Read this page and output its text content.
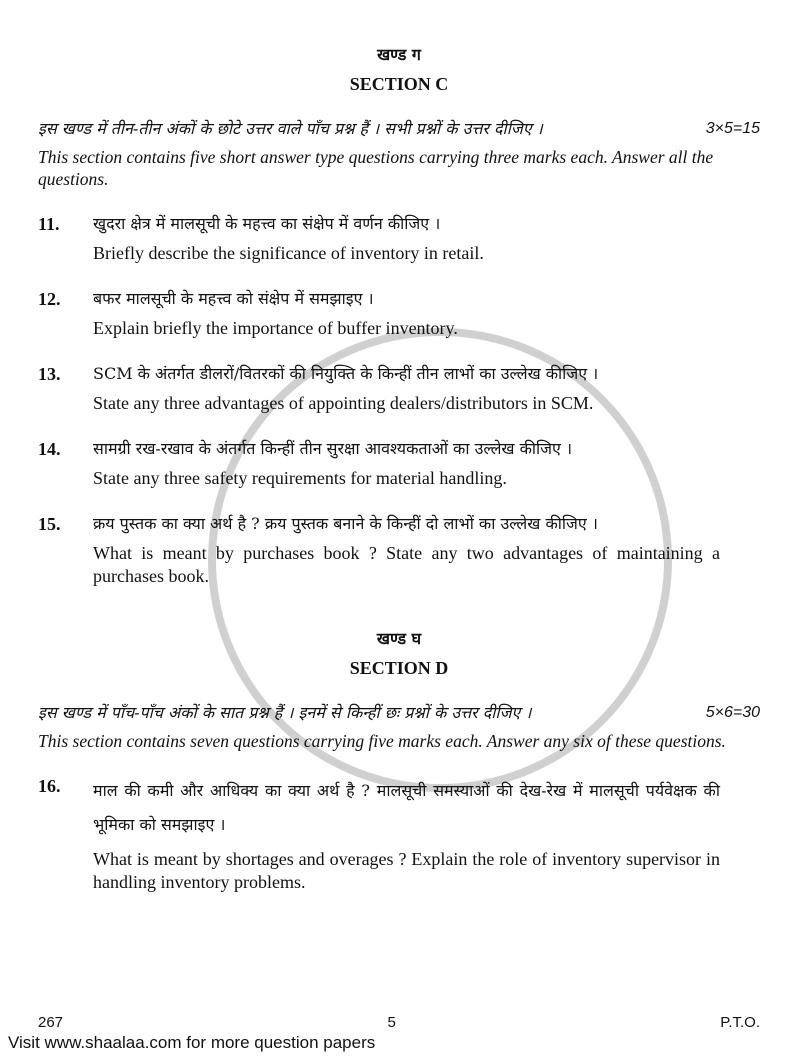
खण्ड ग
SECTION C
इस खण्ड में तीन-तीन अंकों के छोटे उत्तर वाले पाँच प्रश्न हैं । सभी प्रश्नों के उत्तर दीजिए ।	3×5=15
This section contains five short answer type questions carrying three marks each. Answer all the questions.
11.	खुदरा क्षेत्र में मालसूची के महत्त्व का संक्षेप में वर्णन कीजिए ।
Briefly describe the significance of inventory in retail.
12.	बफर मालसूची के महत्त्व को संक्षेप में समझाइए ।
Explain briefly the importance of buffer inventory.
13.	SCM के अंतर्गत डीलरों/वितरकों की नियुक्ति के किन्हीं तीन लाभों का उल्लेख कीजिए ।
State any three advantages of appointing dealers/distributors in SCM.
14.	सामग्री रख-रखाव के अंतर्गत किन्हीं तीन सुरक्षा आवश्यकताओं का उल्लेख कीजिए ।
State any three safety requirements for material handling.
15.	क्रय पुस्तक का क्या अर्थ है ? क्रय पुस्तक बनाने के किन्हीं दो लाभों का उल्लेख कीजिए ।
What is meant by purchases book ? State any two advantages of maintaining a purchases book.
खण्ड घ
SECTION D
इस खण्ड में पाँच-पाँच अंकों के सात प्रश्न हैं । इनमें से किन्हीं छः प्रश्नों के उत्तर दीजिए ।	5×6=30
This section contains seven questions carrying five marks each. Answer any six of these questions.
16.	माल की कमी और आधिक्य का क्या अर्थ है ? मालसूची समस्याओं की देख-रेख में मालसूची पर्यवेक्षक की भूमिका को समझाइए ।
What is meant by shortages and overages ? Explain the role of inventory supervisor in handling inventory problems.
267	5	P.T.O.
Visit www.shaalaa.com for more question papers
